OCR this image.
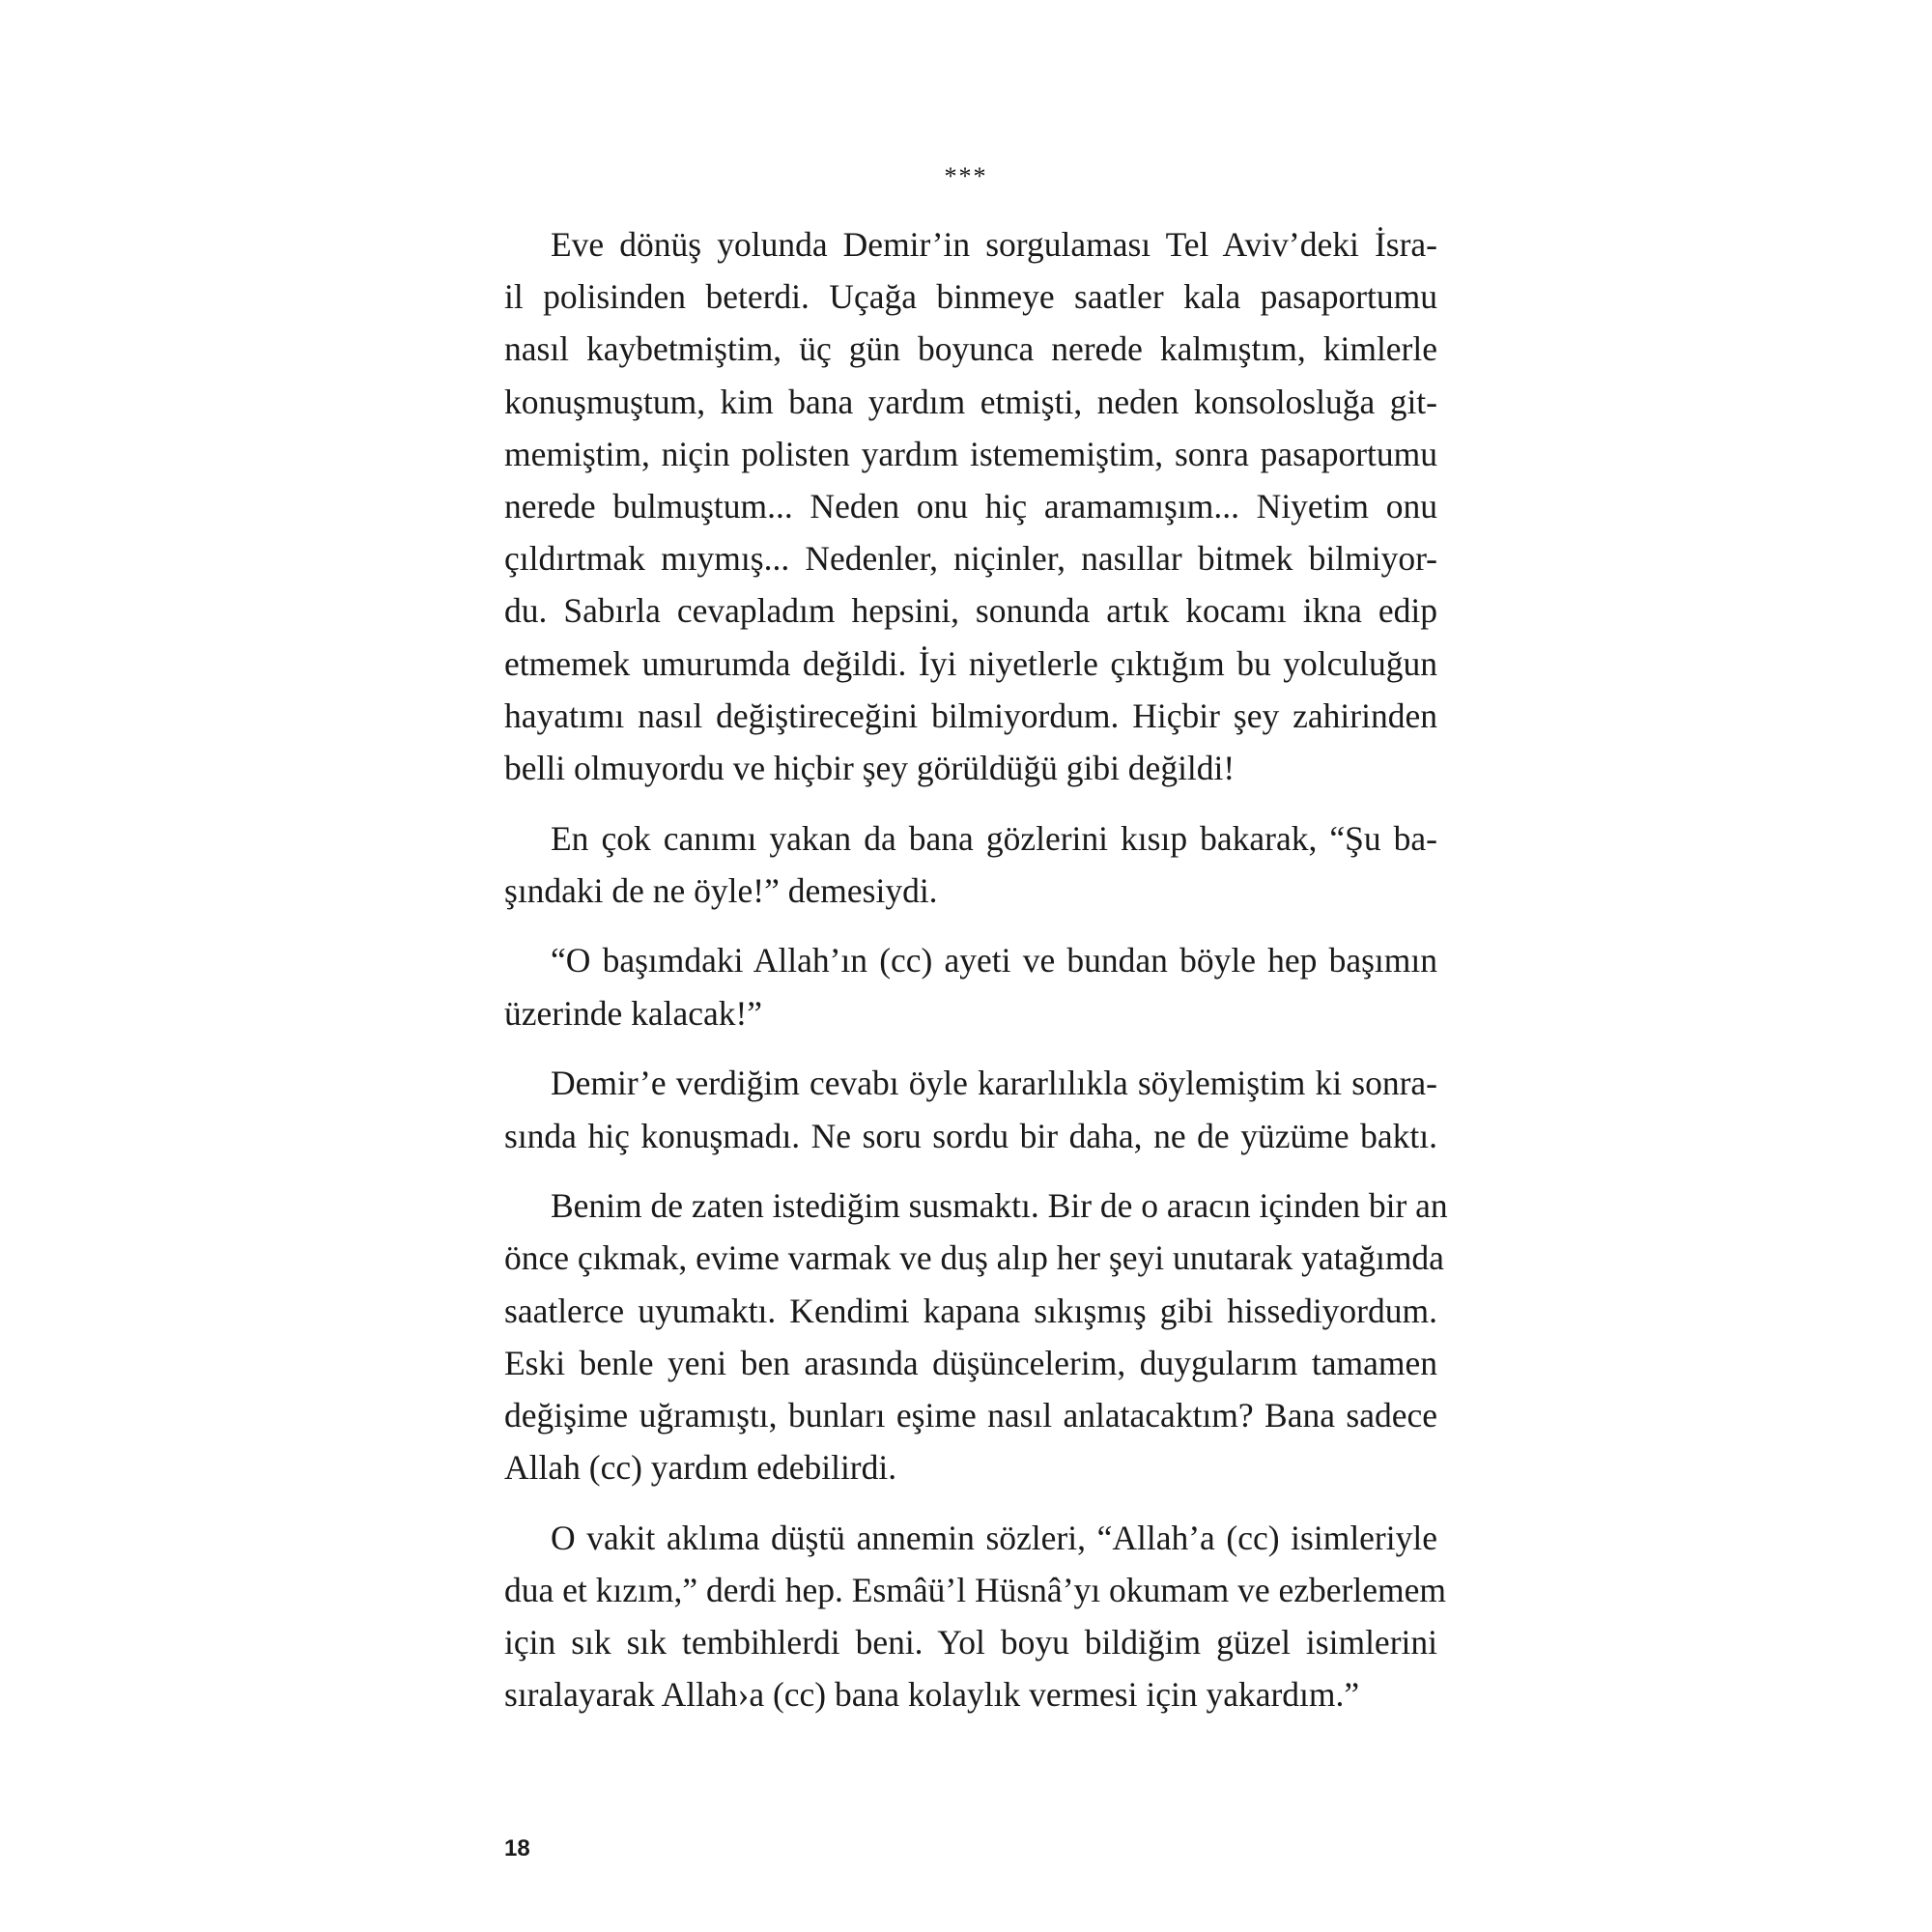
***
Eve dönüş yolunda Demir’in sorgulaması Tel Aviv’deki İsra-
il polisinden beterdi. Uçağa binmeye saatler kala pasaportumu
nasıl kaybetmiştim, üç gün boyunca nerede kalmıştım, kimlerle
konuşmuştum, kim bana yardım etmişti, neden konsolosluğa git-
memiştim, niçin polisten yardım istememiştim, sonra pasaportumu
nerede bulmuştum... Neden onu hiç aramamışım... Niyetim onu
çıldırtmak mıymış... Nedenler, niçinler, nasıllar bitmek bilmiyor-
du. Sabırla cevapladım hepsini, sonunda artık kocamı ikna edip
etmemek umurumda değildi. İyi niyetlerle çıktığım bu yolculuğun
hayatımı nasıl değiştireceğini bilmiyordum. Hiçbir şey zahirinden
belli olmuyordu ve hiçbir şey görüldüğü gibi değildi!
En çok canımı yakan da bana gözlerini kısıp bakarak, “Şu ba-
şındaki de ne öyle!” demesiydi.
“O başımdaki Allah’ın (cc) ayeti ve bundan böyle hep başımın
üzerinde kalacak!”
Demir’e verdiğim cevabı öyle kararlılıkla söylemiştim ki sonra-
sında hiç konuşmadı. Ne soru sordu bir daha, ne de yüzüme baktı.
Benim de zaten istediğim susmaktı. Bir de o aracın içinden bir an
önce çıkmak, evime varmak ve duş alıp her şeyi unutarak yatağımda
saatlerce uyumaktı. Kendimi kapana sıkışmış gibi hissediyordum.
Eski benle yeni ben arasında düşüncelerim, duygularım tamamen
değişime uğramıştı, bunları eşime nasıl anlatacaktım? Bana sadece
Allah (cc) yardım edebilirdi.
O vakit aklıma düştü annemin sözleri, “Allah’a (cc) isimleriyle
dua et kızım,” derdi hep. Esmâü’l Hüsnâ’yı okumam ve ezberlemem
için sık sık tembihlerdi beni. Yol boyu bildiğim güzel isimlerini
sıralayarak Allah›a (cc) bana kolaylık vermesi için yakardım.”
18
